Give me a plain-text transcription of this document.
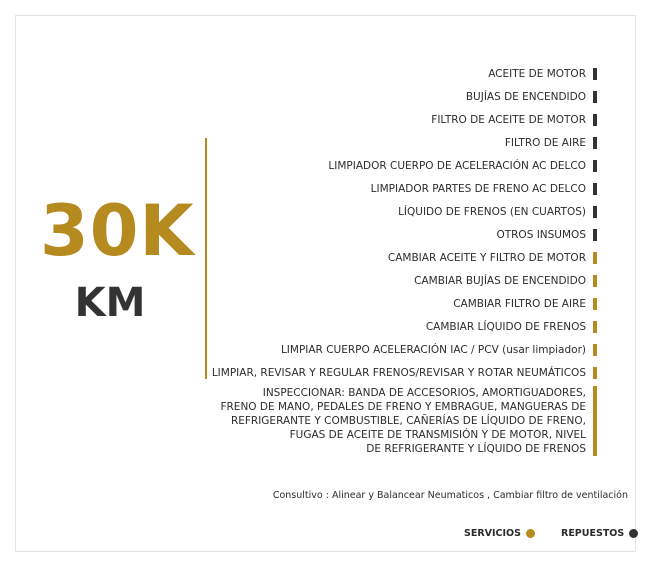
30K
KM
ACEITE DE MOTOR
BUJÍAS DE ENCENDIDO
FILTRO DE ACEITE DE MOTOR
FILTRO DE AIRE
LIMPIADOR CUERPO DE ACELERACIÓN AC DELCO
LIMPIADOR PARTES DE FRENO AC DELCO
LÍQUIDO DE FRENOS (EN CUARTOS)
OTROS INSUMOS
CAMBIAR ACEITE Y FILTRO DE MOTOR
CAMBIAR BUJÍAS DE ENCENDIDO
CAMBIAR FILTRO DE AIRE
CAMBIAR LÍQUIDO DE FRENOS
LIMPIAR CUERPO ACELERACIÓN IAC / PCV (usar limpiador)
LIMPIAR, REVISAR Y REGULAR FRENOS/REVISAR Y ROTAR NEUMÁTICOS
INSPECCIONAR: BANDA DE ACCESORIOS, AMORTIGUADORES,
FRENO DE MANO, PEDALES DE FRENO Y EMBRAGUE, MANGUERAS DE
REFRIGERANTE Y COMBUSTIBLE, CAÑERÍAS DE LÍQUIDO DE FRENO,
FUGAS DE ACEITE DE TRANSMISIÓN Y DE MOTOR, NIVEL
DE REFRIGERANTE Y LÍQUIDO DE FRENOS
Consultivo : Alinear y Balancear Neumaticos , Cambiar filtro de ventilación
SERVICIOS	REPUESTOS
